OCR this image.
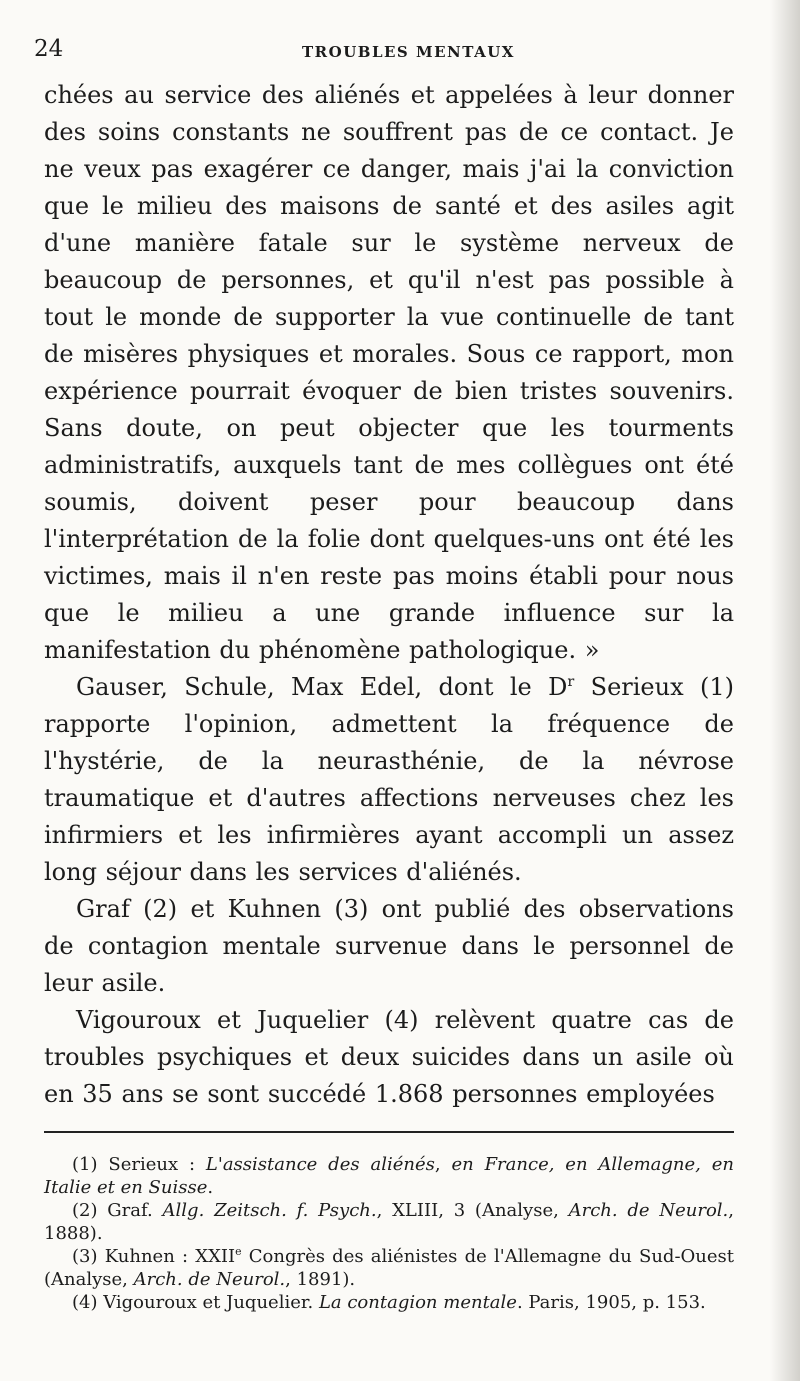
24	TROUBLES MENTAUX

chées au service des aliénés et appelées à leur donner des soins constants ne souffrent pas de ce contact. Je ne veux pas exagérer ce danger, mais j'ai la conviction que le milieu des maisons de santé et des asiles agit d'une manière fatale sur le système nerveux de beaucoup de personnes, et qu'il n'est pas possible à tout le monde de supporter la vue continuelle de tant de misères physiques et morales. Sous ce rapport, mon expérience pourrait évoquer de bien tristes souvenirs. Sans doute, on peut objecter que les tourments administratifs, auxquels tant de mes collègues ont été soumis, doivent peser pour beaucoup dans l'interprétation de la folie dont quelques-uns ont été les victimes, mais il n'en reste pas moins établi pour nous que le milieu a une grande influence sur la manifestation du phénomène pathologique. »

Gauser, Schule, Max Edel, dont le $D^r$ Serieux (1) rapporte l'opinion, admettent la fréquence de l'hystérie, de la neurasthénie, de la névrose traumatique et d'autres affections nerveuses chez les infirmiers et les infirmières ayant accompli un assez long séjour dans les services d'aliénés.

Graf (2) et Kuhnen (3) ont publié des observations de contagion mentale survenue dans le personnel de leur asile.

Vigouroux et Juquelier (4) relèvent quatre cas de troubles psychiques et deux suicides dans un asile où en 35 ans se sont succédé 1.868 personnes employées

(1) Serieux : L'assistance des aliénés, en France, en Allemagne, en Italie et en Suisse.

(2) Graf. Allg. Zeitsch. f. Psych., XLIII, 3 (Analyse, Arch. de Neurol., 1888).

(3) Kuhnen : XXIIe Congrès des aliénistes de l'Allemagne du Sud-Ouest (Analyse, Arch. de Neurol., 1891).

(4) Vigouroux et Juquelier. La contagion mentale. Paris, 1905, p. 153.
